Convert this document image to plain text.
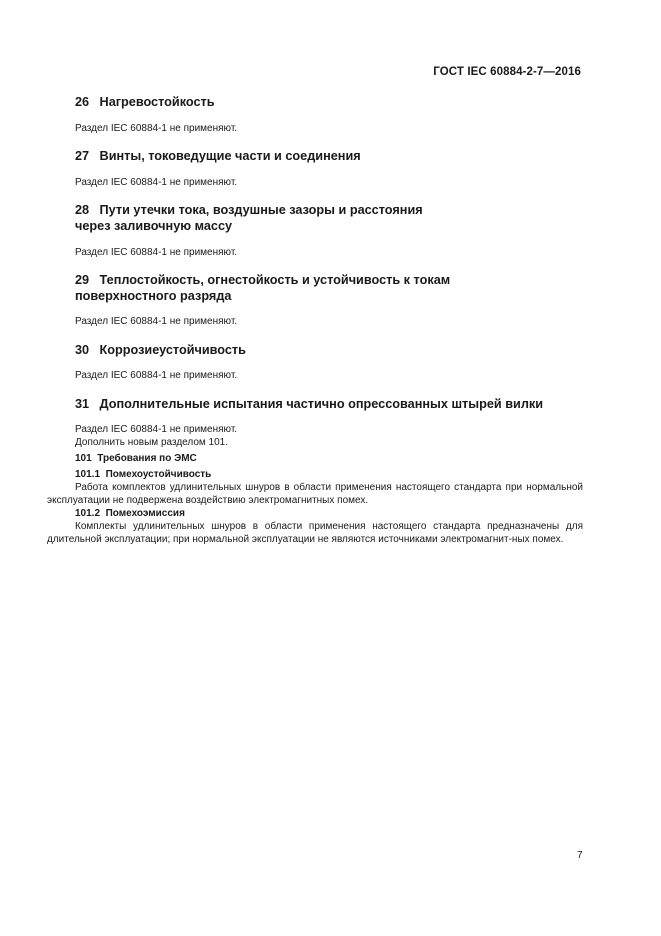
ГОСТ IEC 60884-2-7—2016
26 Нагревостойкость
Раздел IEC 60884-1 не применяют.
27 Винты, токоведущие части и соединения
Раздел IEC 60884-1 не применяют.
28 Пути утечки тока, воздушные зазоры и расстояния
через заливочную массу
Раздел IEC 60884-1 не применяют.
29 Теплостойкость, огнестойкость и устойчивость к токам
поверхностного разряда
Раздел IEC 60884-1 не применяют.
30 Коррозиеустойчивость
Раздел IEC 60884-1 не применяют.
31 Дополнительные испытания частично опрессованных штырей вилки
Раздел IEC 60884-1 не применяют.
Дополнить новым разделом 101.
101 Требования по ЭМС
101.1 Помехоустойчивость
Работа комплектов удлинительных шнуров в области применения настоящего стандарта при нормальной эксплуатации не подвержена воздействию электромагнитных помех.
101.2 Помехоэмиссия
Комплекты удлинительных шнуров в области применения настоящего стандарта предназначены для длительной эксплуатации; при нормальной эксплуатации не являются источниками электромагнит-ных помех.
7
